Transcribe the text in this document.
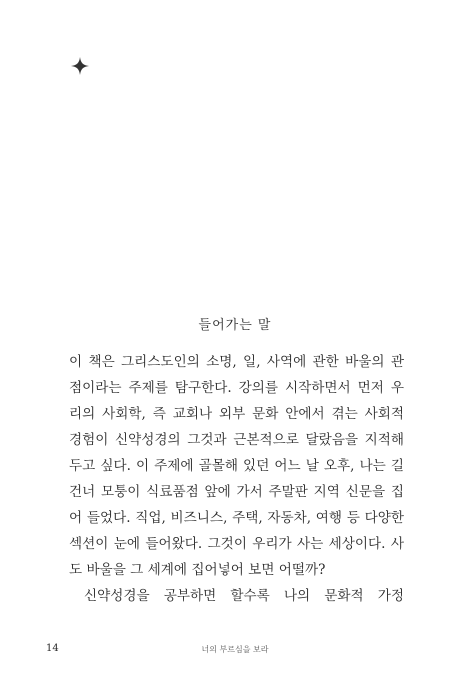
들어가는 말
이 책은 그리스도인의 소명, 일, 사역에 관한 바울의 관
점이라는 주제를 탐구한다. 강의를 시작하면서 먼저 우
리의 사회학, 즉 교회나 외부 문화 안에서 겪는 사회적
경험이 신약성경의 그것과 근본적으로 달랐음을 지적해
두고 싶다. 이 주제에 골몰해 있던 어느 날 오후, 나는 길
건너 모퉁이 식료품점 앞에 가서 주말판 지역 신문을 집
어 들었다. 직업, 비즈니스, 주택, 자동차, 여행 등 다양한
섹션이 눈에 들어왔다. 그것이 우리가 사는 세상이다. 사
도 바울을 그 세계에 집어넣어 보면 어떨까?
신약성경을 공부하면 할수록 나의 문화적 가정
14	너의 부르심을 보라
